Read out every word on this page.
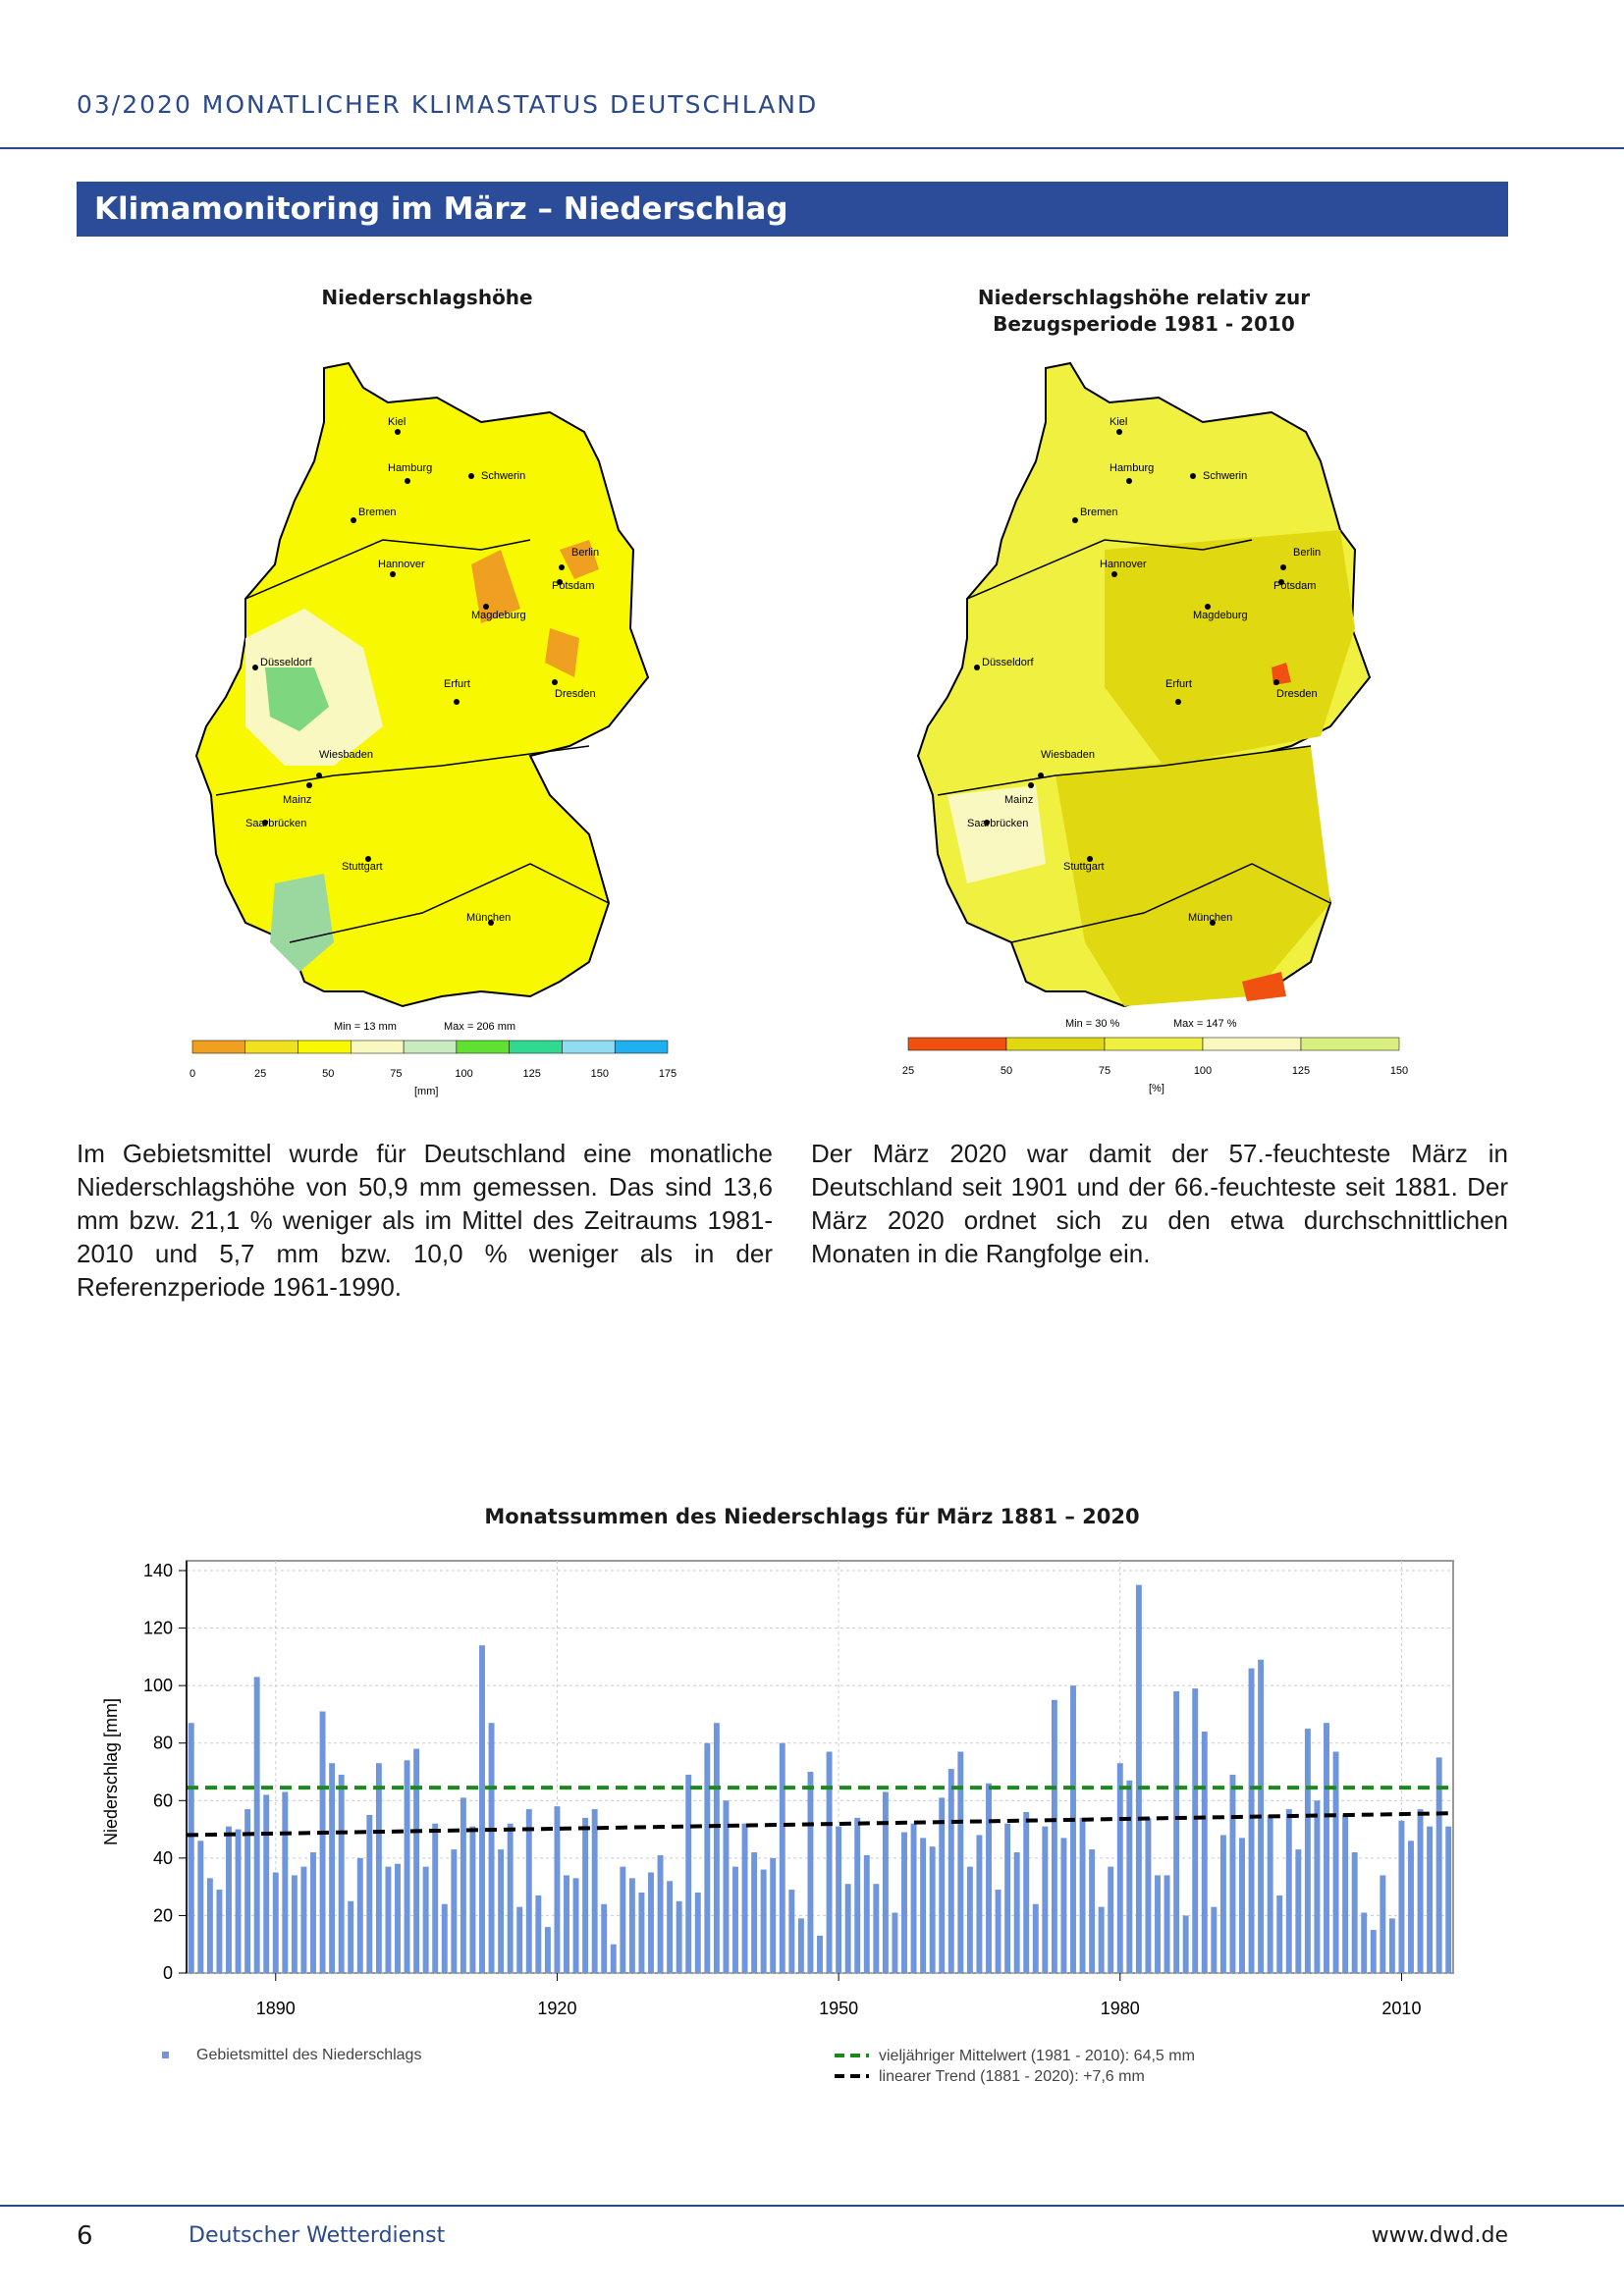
03/2020 MONATLICHER KLIMASTATUS DEUTSCHLAND
Klimamonitoring im März – Niederschlag
Niederschlagshöhe
Kiel
Hamburg
Schwerin
Bremen
Berlin
Hannover
Potsdam
Magdeburg
Düsseldorf
Erfurt
Dresden
Wiesbaden
Mainz
Saarbrücken
Stuttgart
München
Min = 13 mm	Max = 206 mm
0	25	50	75	100	125	150	175
[mm]
Niederschlagshöhe relativ zur
Bezugsperiode 1981 - 2010
Kiel
Hamburg
Schwerin
Bremen
Berlin
Hannover
Potsdam
Magdeburg
Düsseldorf
Erfurt
Dresden
Wiesbaden
Mainz
Saarbrücken
Stuttgart
München
Min = 30 %	Max = 147 %
25	50	75	100	125	150
[%]
Im Gebietsmittel wurde für Deutschland eine monatliche Niederschlagshöhe von 50,9 mm gemessen. Das sind 13,6 mm bzw. 21,1 % weniger als im Mittel des Zeitraums 1981-2010 und 5,7 mm bzw. 10,0 % weniger als in der Referenzperiode 1961-1990.
Der März 2020 war damit der 57.-feuchteste März in Deutschland seit 1901 und der 66.-feuchteste seit 1881. Der März 2020 ordnet sich zu den etwa durchschnittlichen Monaten in die Rangfolge ein.
Monatssummen des Niederschlags für März 1881 – 2020
0
20
40
60
80
100
120
140
1890	1920	1950	1980	2010
Niederschlag [mm]
Gebietsmittel des Niederschlags	vieljähriger Mittelwert (1981 - 2010): 64,5 mm
linearer Trend (1881 - 2020): +7,6 mm
6	Deutscher Wetterdienst	www.dwd.de
